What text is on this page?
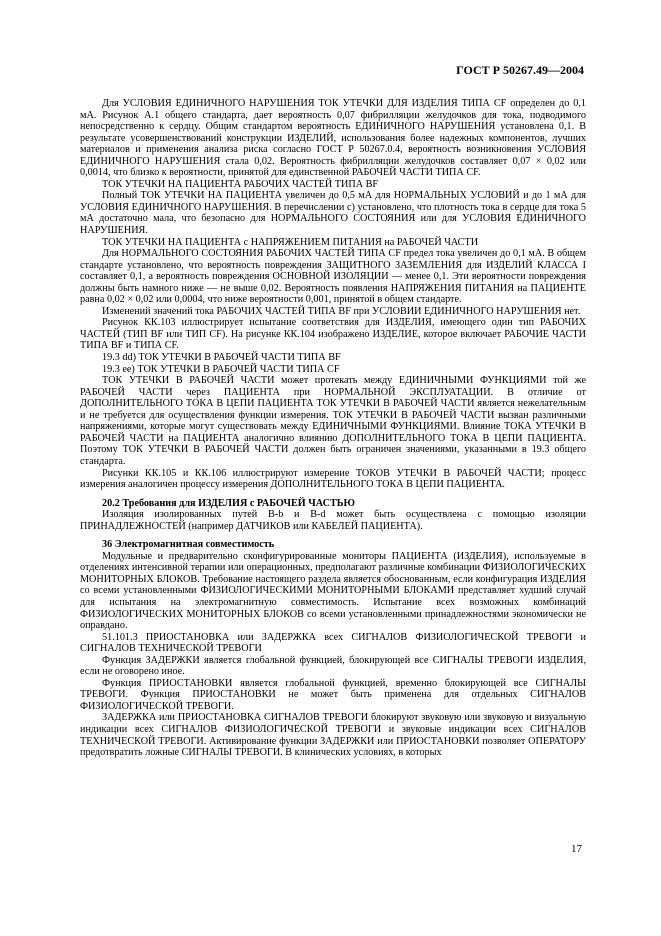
ГОСТ Р 50267.49—2004

Для УСЛОВИЯ ЕДИНИЧНОГО НАРУШЕНИЯ ТОК УТЕЧКИ ДЛЯ ИЗДЕЛИЯ ТИПА CF определен до 0,1 мА. Рисунок А.1 общего стандарта, дает вероятность 0,07 фибрилляции желудочков для тока, подводимого непосредственно к сердцу. Общим стандартом вероятность ЕДИНИЧНОГО НАРУШЕНИЯ установлена 0,1. В результате усовершенствований конструкции ИЗДЕЛИЙ, использования более надежных компонентов, лучших материалов и применения анализа риска согласно ГОСТ Р 50267.0.4, вероятность возникновения УСЛОВИЯ ЕДИНИЧНОГО НАРУШЕНИЯ стала 0,02. Вероятность фибрилляции желудочков составляет 0,07 × 0,02 или 0,0014, что близко к вероятности, принятой для единственной РАБОЧЕЙ ЧАСТИ ТИПА CF.

ТОК УТЕЧКИ НА ПАЦИЕНТА РАБОЧИХ ЧАСТЕЙ ТИПА BF

Полный ТОК УТЕЧКИ НА ПАЦИЕНТА увеличен до 0,5 мА для НОРМАЛЬНЫХ УСЛОВИЙ и до 1 мА для УСЛОВИЯ ЕДИНИЧНОГО НАРУШЕНИЯ. В перечислении с) установлено, что плотность тока в сердце для тока 5 мА достаточно мала, что безопасно для НОРМАЛЬНОГО СОСТОЯНИЯ или для УСЛОВИЯ ЕДИНИЧНОГО НАРУШЕНИЯ.

ТОК УТЕЧКИ НА ПАЦИЕНТА с НАПРЯЖЕНИЕМ ПИТАНИЯ на РАБОЧЕЙ ЧАСТИ

Для НОРМАЛЬНОГО СОСТОЯНИЯ РАБОЧИХ ЧАСТЕЙ ТИПА CF предел тока увеличен до 0,1 мА. В общем стандарте установлено, что вероятность повреждения ЗАЩИТНОГО ЗАЗЕМЛЕНИЯ для ИЗДЕЛИЙ КЛАССА I составляет 0,1, а вероятность повреждения ОСНОВНОЙ ИЗОЛЯЦИИ — менее 0,1. Эти вероятности повреждения должны быть намного ниже — не выше 0,02. Вероятность появления НАПРЯЖЕНИЯ ПИТАНИЯ на ПАЦИЕНТЕ равна 0,02 × 0,02 или 0,0004, что ниже вероятности 0,001, принятой в общем стандарте.

Изменений значений тока РАБОЧИХ ЧАСТЕЙ ТИПА BF при УСЛОВИИ ЕДИНИЧНОГО НАРУШЕНИЯ нет.

Рисунок КК.103 иллюстрирует испытание соответствия для ИЗДЕЛИЯ, имеющего один тип РАБОЧИХ ЧАСТЕЙ (ТИП BF или ТИП CF). На рисунке КК.104 изображено ИЗДЕЛИЕ, которое включает РАБОЧИЕ ЧАСТИ ТИПА BF и ТИПА CF.

19.3 dd) ТОК УТЕЧКИ В РАБОЧЕЙ ЧАСТИ ТИПА BF

19.3 ee) ТОК УТЕЧКИ В РАБОЧЕЙ ЧАСТИ ТИПА CF

ТОК УТЕЧКИ В РАБОЧЕЙ ЧАСТИ может протекать между ЕДИНИЧНЫМИ ФУНКЦИЯМИ той же РАБОЧЕЙ ЧАСТИ через ПАЦИЕНТА при НОРМАЛЬНОЙ ЭКСПЛУАТАЦИИ. В отличие от ДОПОЛНИТЕЛЬНОГО ТОКА В ЦЕПИ ПАЦИЕНТА ТОК УТЕЧКИ В РАБОЧЕЙ ЧАСТИ является нежелательным и не требуется для осуществления функции измерения. ТОК УТЕЧКИ В РАБОЧЕЙ ЧАСТИ вызван различными напряжениями, которые могут существовать между ЕДИНИЧНЫМИ ФУНКЦИЯМИ. Влияние ТОКА УТЕЧКИ В РАБОЧЕЙ ЧАСТИ на ПАЦИЕНТА аналогично влиянию ДОПОЛНИТЕЛЬНОГО ТОКА В ЦЕПИ ПАЦИЕНТА. Поэтому ТОК УТЕЧКИ В РАБОЧЕЙ ЧАСТИ должен быть ограничен значениями, указанными в 19.3 общего стандарта.

Рисунки КК.105 и КК.106 иллюстрируют измерение ТОКОВ УТЕЧКИ В РАБОЧЕЙ ЧАСТИ; процесс измерения аналогичен процессу измерения ДОПОЛНИТЕЛЬНОГО ТОКА В ЦЕПИ ПАЦИЕНТА.

20.2 Требования для ИЗДЕЛИЯ с РАБОЧЕЙ ЧАСТЬЮ

Изоляция изолированных путей B-b и B-d может быть осуществлена с помощью изоляции ПРИНАДЛЕЖНОСТЕЙ (например ДАТЧИКОВ или КАБЕЛЕЙ ПАЦИЕНТА).

36 Электромагнитная совместимость

Модульные и предварительно сконфигурированные мониторы ПАЦИЕНТА (ИЗДЕЛИЯ), используемые в отделениях интенсивной терапии или операционных, предполагают различные комбинации ФИЗИОЛОГИЧЕСКИХ МОНИТОРНЫХ БЛОКОВ. Требование настоящего раздела является обоснованным, если конфигурация ИЗДЕЛИЯ со всеми установленными ФИЗИОЛОГИЧЕСКИМИ МОНИТОРНЫМИ БЛОКАМИ представляет худший случай для испытания на электромагнитную совместимость. Испытание всех возможных комбинаций ФИЗИОЛОГИЧЕСКИХ МОНИТОРНЫХ БЛОКОВ со всеми установленными принадлежностями экономически не оправдано.

51.101.3 ПРИОСТАНОВКА или ЗАДЕРЖКА всех СИГНАЛОВ ФИЗИОЛОГИЧЕСКОЙ ТРЕВОГИ и СИГНАЛОВ ТЕХНИЧЕСКОЙ ТРЕВОГИ

Функция ЗАДЕРЖКИ является глобальной функцией, блокирующей все СИГНАЛЫ ТРЕВОГИ ИЗДЕЛИЯ, если не оговорено иное.

Функция ПРИОСТАНОВКИ является глобальной функцией, временно блокирующей все СИГНАЛЫ ТРЕВОГИ. Функция ПРИОСТАНОВКИ не может быть применена для отдельных СИГНАЛОВ ФИЗИОЛОГИЧЕСКОЙ ТРЕВОГИ.

ЗАДЕРЖКА или ПРИОСТАНОВКА СИГНАЛОВ ТРЕВОГИ блокируют звуковую или звуковую и визуальную индикации всех СИГНАЛОВ ФИЗИОЛОГИЧЕСКОЙ ТРЕВОГИ и звуковые индикации всех СИГНАЛОВ ТЕХНИЧЕСКОЙ ТРЕВОГИ. Активирование функции ЗАДЕРЖКИ или ПРИОСТАНОВКИ позволяет ОПЕРАТОРУ предотвратить ложные СИГНАЛЫ ТРЕВОГИ. В клинических условиях, в которых

17
